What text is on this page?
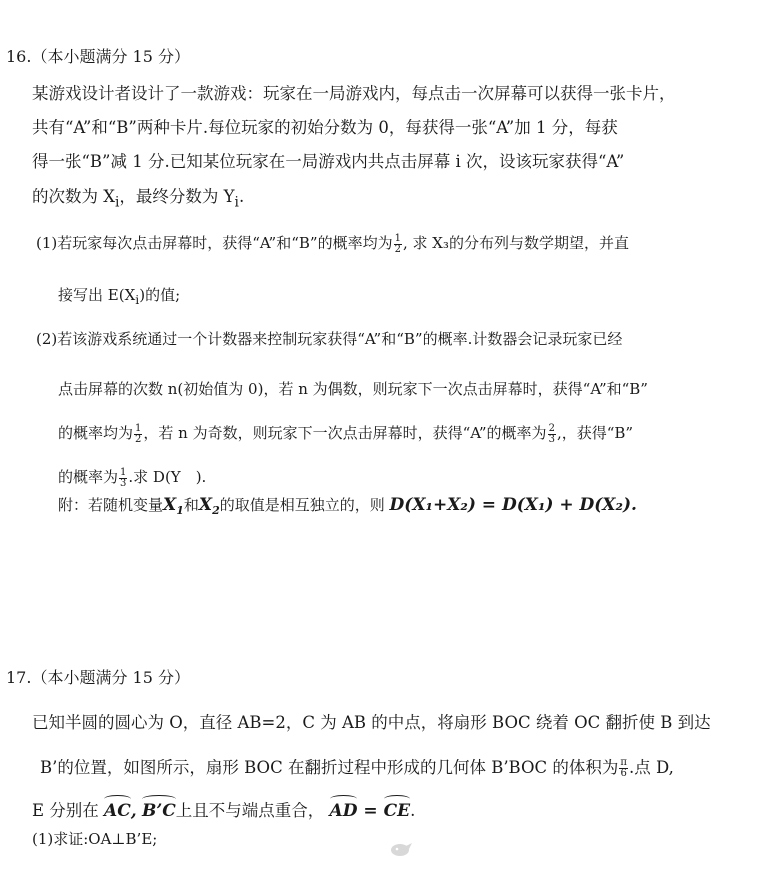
16.（本小题满分 15 分）
某游戏设计者设计了一款游戏：玩家在一局游戏内，每点击一次屏幕可以获得一张卡片，
共有“A”和“B”两种卡片.每位玩家的初始分数为 0，每获得一张“A”加 1 分，每获
得一张“B”减 1 分.已知某位玩家在一局游戏内共点击屏幕 i 次，设该玩家获得“A”
的次数为 $X_i$，最终分数为 $Y_i$.
(1)若玩家每次点击屏幕时，获得“A”和“B”的概率均为 $\frac{1}{2}$ , 求 X₃的分布列与数学期望，并直
接写出 $E(X_i)$的值;
(2)若该游戏系统通过一个计数器来控制玩家获得“A”和“B”的概率.计数器会记录玩家已经
点击屏幕的次数 n(初始值为 0)，若 n 为偶数，则玩家下一次点击屏幕时，获得“A”和“B”
的概率均为 $\frac{1}{2}$ ，若 n 为奇数，则玩家下一次点击屏幕时，获得“A”的概率为 $\frac{2}{3}$ ,，获得“B”
的概率为 $\frac{1}{3}$ .求 D(Y　).
附：若随机变量$X_1$和$X_2$的取值是相互独立的，则 D(X₁+X₂) = D(X₁) + D(X₂).
17.（本小题满分 15 分）
已知半圆的圆心为 O，直径 AB=2，C 为 AB 的中点，将扇形 BOC 绕着 OC 翻折使 B 到达
B’的位置，如图所示，扇形 BOC 在翻折过程中形成的几何体 B’BOC 的体积为 $\frac{\pi}{6}$ .点 D,
E 分别在 AC, B’C上且不与端点重合， AD = CE.
(1)求证:OA⊥B’E;
